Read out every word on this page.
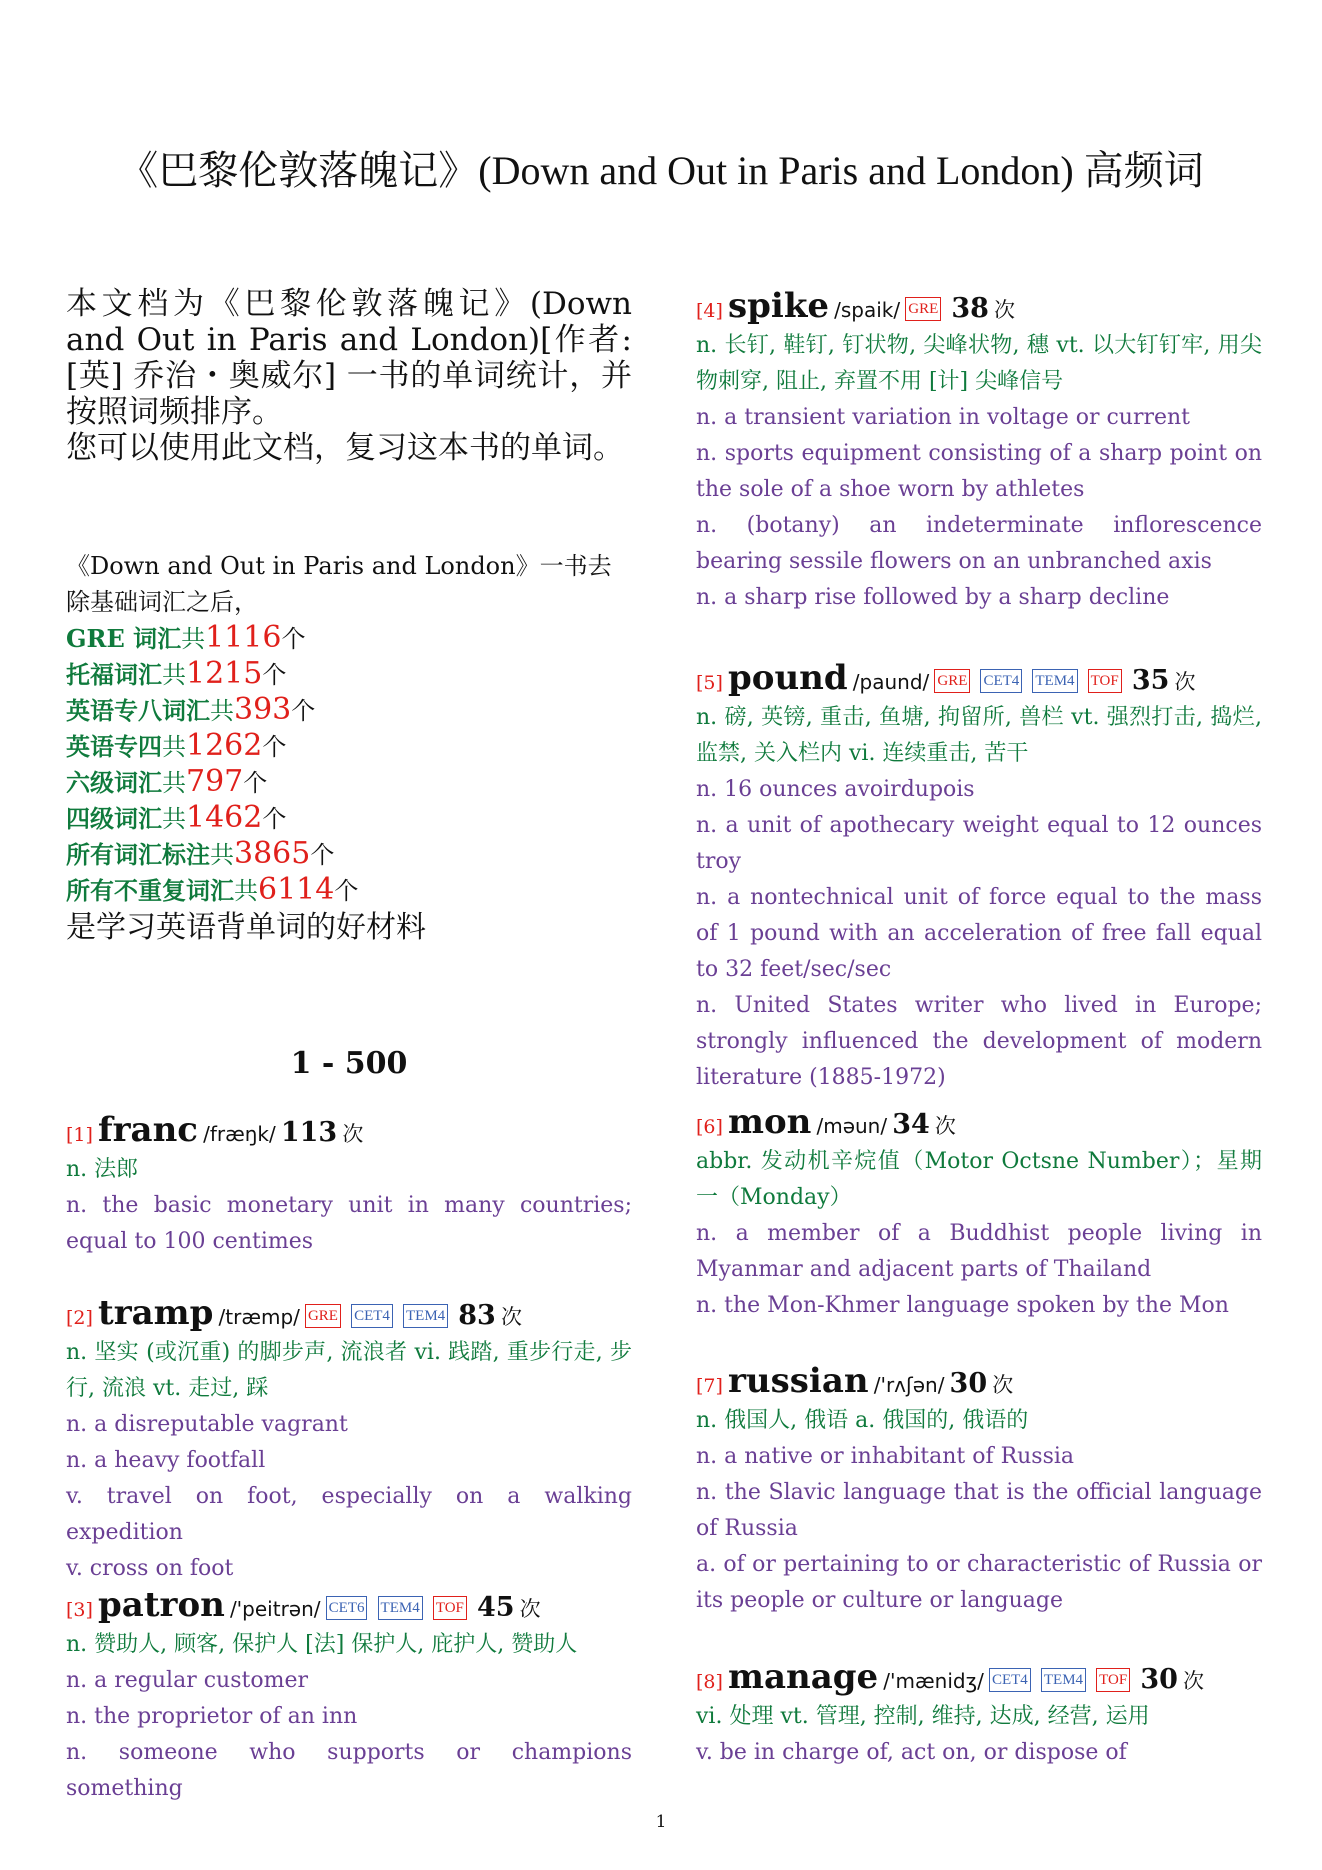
《巴黎伦敦落魄记》(Down and Out in Paris and London) 高频词
本文档为《巴黎伦敦落魄记》(Down and Out in Paris and London)[作者: [英] 乔治・奥威尔] 一书的单词统计，并按照词频排序。
您可以使用此文档，复习这本书的单词。
《Down and Out in Paris and London》一书去除基础词汇之后，
GRE 词汇共1116个
托福词汇共1215个
英语专八词汇共393个
英语专四共1262个
六级词汇共797个
四级词汇共1462个
所有词汇标注共3865个
所有不重复词汇共6114个
是学习英语背单词的好材料
1 - 500
[1] franc /fræŋk/ 113 次
n. 法郎
n. the basic monetary unit in many countries; equal to 100 centimes
[2] tramp /træmp/ GRE CET4 TEM4 83 次
n. 坚实 (或沉重) 的脚步声, 流浪者 vi. 践踏, 重步行走, 步行, 流浪 vt. 走过, 踩
n. a disreputable vagrant
n. a heavy footfall
v. travel on foot, especially on a walking expedition
v. cross on foot
[3] patron /'peitrən/ CET6 TEM4 TOF 45 次
n. 赞助人, 顾客, 保护人 [法] 保护人, 庇护人, 赞助人
n. a regular customer
n. the proprietor of an inn
n. someone who supports or champions something
[4] spike /spaik/ GRE 38 次
n. 长钉, 鞋钉, 钉状物, 尖峰状物, 穗 vt. 以大钉钉牢, 用尖物刺穿, 阻止, 弃置不用 [计] 尖峰信号
n. a transient variation in voltage or current
n. sports equipment consisting of a sharp point on the sole of a shoe worn by athletes
n. (botany) an indeterminate inflorescence bearing sessile flowers on an unbranched axis
n. a sharp rise followed by a sharp decline
[5] pound /paund/ GRE CET4 TEM4 TOF 35 次
n. 磅, 英镑, 重击, 鱼塘, 拘留所, 兽栏 vt. 强烈打击, 捣烂, 监禁, 关入栏内 vi. 连续重击, 苦干
n. 16 ounces avoirdupois
n. a unit of apothecary weight equal to 12 ounces troy
n. a nontechnical unit of force equal to the mass of 1 pound with an acceleration of free fall equal to 32 feet/sec/sec
n. United States writer who lived in Europe; strongly influenced the development of modern literature (1885-1972)
[6] mon /məun/ 34 次
abbr. 发动机辛烷值（Motor Octsne Number）；星期一（Monday）
n. a member of a Buddhist people living in Myanmar and adjacent parts of Thailand
n. the Mon-Khmer language spoken by the Mon
[7] russian /'rʌʃən/ 30 次
n. 俄国人, 俄语 a. 俄国的, 俄语的
n. a native or inhabitant of Russia
n. the Slavic language that is the official language of Russia
a. of or pertaining to or characteristic of Russia or its people or culture or language
[8] manage /'mænidʒ/ CET4 TEM4 TOF 30 次
vi. 处理 vt. 管理, 控制, 维持, 达成, 经营, 运用
v. be in charge of, act on, or dispose of
1
